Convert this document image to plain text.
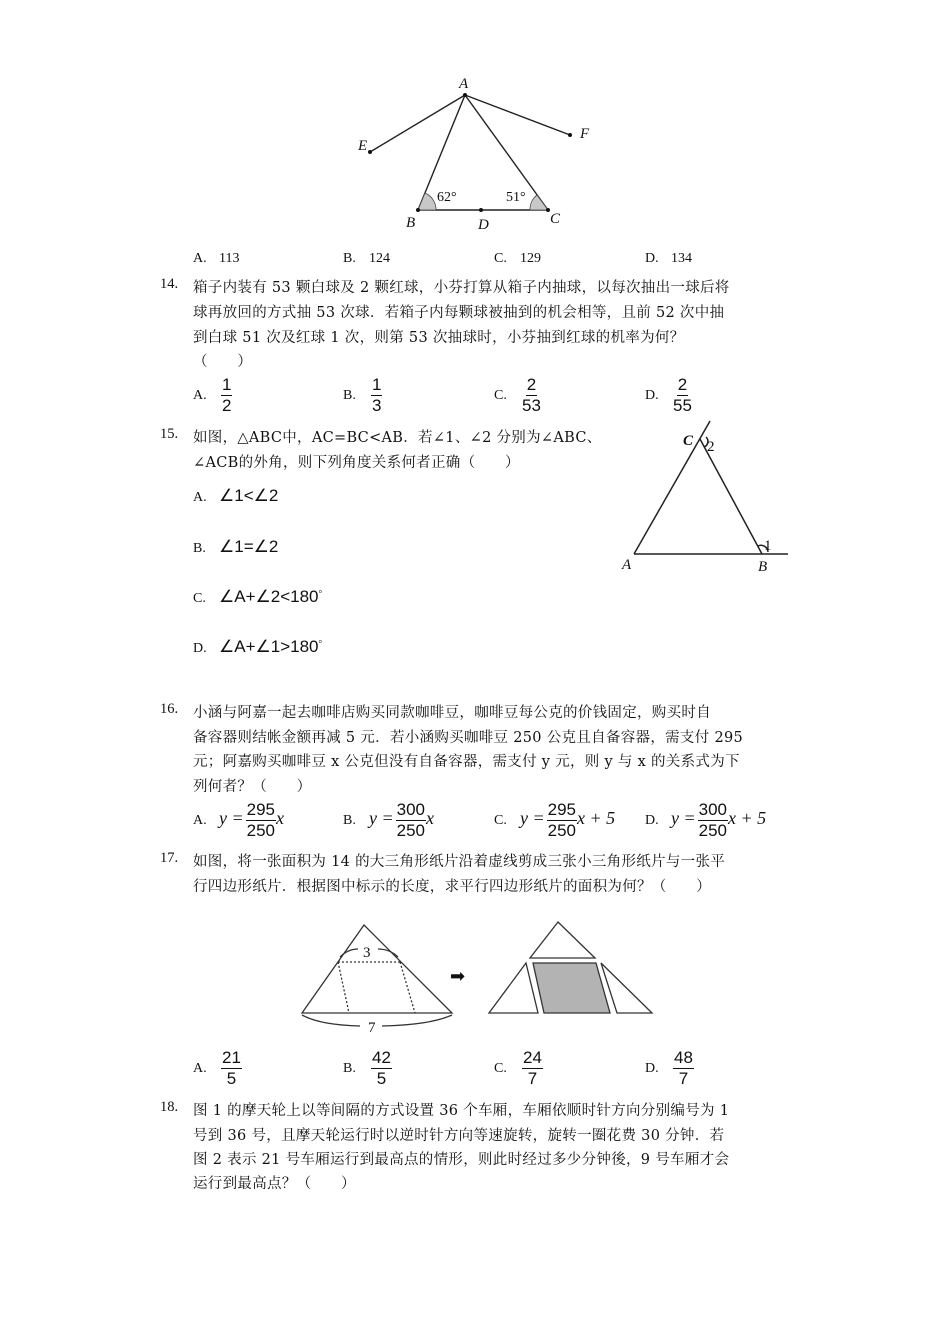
A
E
F
B	D	C
62°	51°
A. 113	B. 124	C. 129	D. 134
14. 箱子内装有 53 颗白球及 2 颗红球，小芬打算从箱子内抽球，以每次抽出一球后将
球再放回的方式抽 53 次球．若箱子内每颗球被抽到的机会相等，且前 52 次中抽
到白球 51 次及红球 1 次，则第 53 次抽球时，小芬抽到红球的机率为何？
（　　）
A. $\frac{1}{2}$	B. $\frac{1}{3}$	C. $\frac{2}{53}$	D. $\frac{2}{55}$
15. 如图，△ABC中，AC=BC<AB．若∠1、∠2 分别为∠ABC、
∠ACB的外角，则下列角度关系何者正确（　　）
C 2
A	B
1
A. ∠1<∠2
B. ∠1=∠2
C. ∠A+∠2<180°
D. ∠A+∠1>180°
16. 小涵与阿嘉一起去咖啡店购买同款咖啡豆，咖啡豆每公克的价钱固定，购买时自
备容器则结帐金额再减 5 元．若小涵购买咖啡豆 250 公克且自备容器，需支付 295
元；阿嘉购买咖啡豆 x 公克但没有自备容器，需支付 y 元，则 y 与 x 的关系式为下
列何者？（　　）
A. $y = \frac{295}{250}$ x	B. $y = \frac{300}{250}$ x	C. $y = \frac{295}{250}$ x + 5 D. $y = \frac{300}{250}$ x + 5
17. 如图，将一张面积为 14 的大三角形纸片沿着虚线剪成三张小三角形纸片与一张平
行四边形纸片．根据图中标示的长度，求平行四边形纸片的面积为何？（　　）
3
7
➡
A. $\frac{21}{5}$	B. $\frac{42}{5}$	C. $\frac{24}{7}$	D. $\frac{48}{7}$
18. 图 1 的摩天轮上以等间隔的方式设置 36 个车厢，车厢依顺时针方向分别编号为 1
号到 36 号，且摩天轮运行时以逆时针方向等速旋转，旋转一圈花费 30 分钟．若
图 2 表示 21 号车厢运行到最高点的情形，则此时经过多少分钟後，9 号车厢才会
运行到最高点？（　　）
